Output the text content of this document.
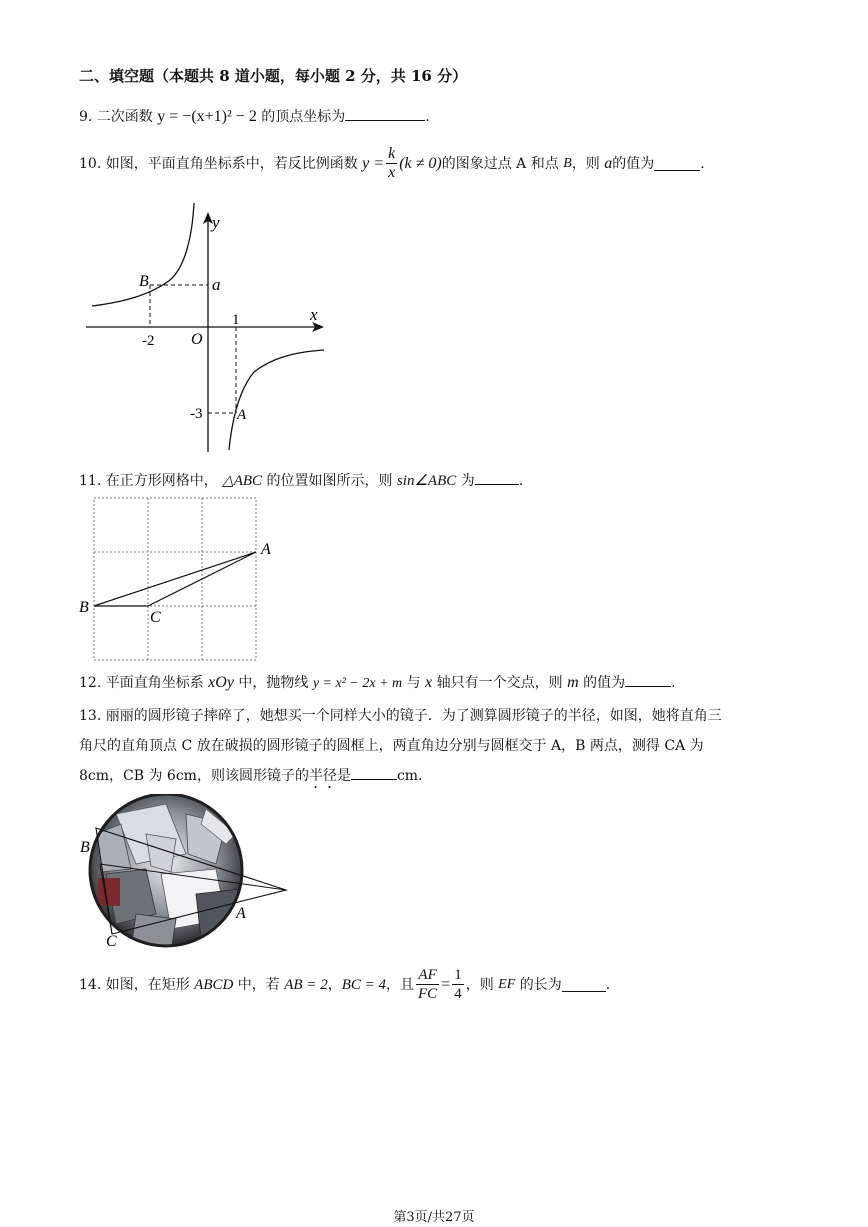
二、填空题（本题共 8 道小题，每小题 2 分，共 16 分）
9. 二次函数 y = −(x+1)² − 2 的顶点坐标为	.
10.
如图，平面直角坐标系中，若反比例函数
$y = \frac{k}{x} (k \ne 0)$ 的图象过点 A 和点
B ，则
a 的值为	.
y
x
O
B	a
-2
1
-3 A
11. 在正方形网格中， △ABC 的位置如图所示，则 sin∠ABC 为	.
A
B
C
12. 平面直角坐标系 xOy 中，抛物线 y = x² − 2x + m 与 x 轴只有一个交点，则 m 的值为	.
13. 丽丽的圆形镜子摔碎了，她想买一个同样大小的镜子．为了测算圆形镜子的半径，如图，她将直角三
角尺的直角顶点 C 放在破损的圆形镜子的圆框上，两直角边分别与圆框交于 A，B 两点，测得 CA 为
8cm，CB 为 6cm，则该圆形镜子的半径是	cm．
B
A
C
14.
如图，在矩形
ABCD
中，若
AB = 2 ， BC = 4 ，且 $\frac{AF}{FC} = \frac{1}{4}$ ，则
EF
的长为	.
第3页/共27页
